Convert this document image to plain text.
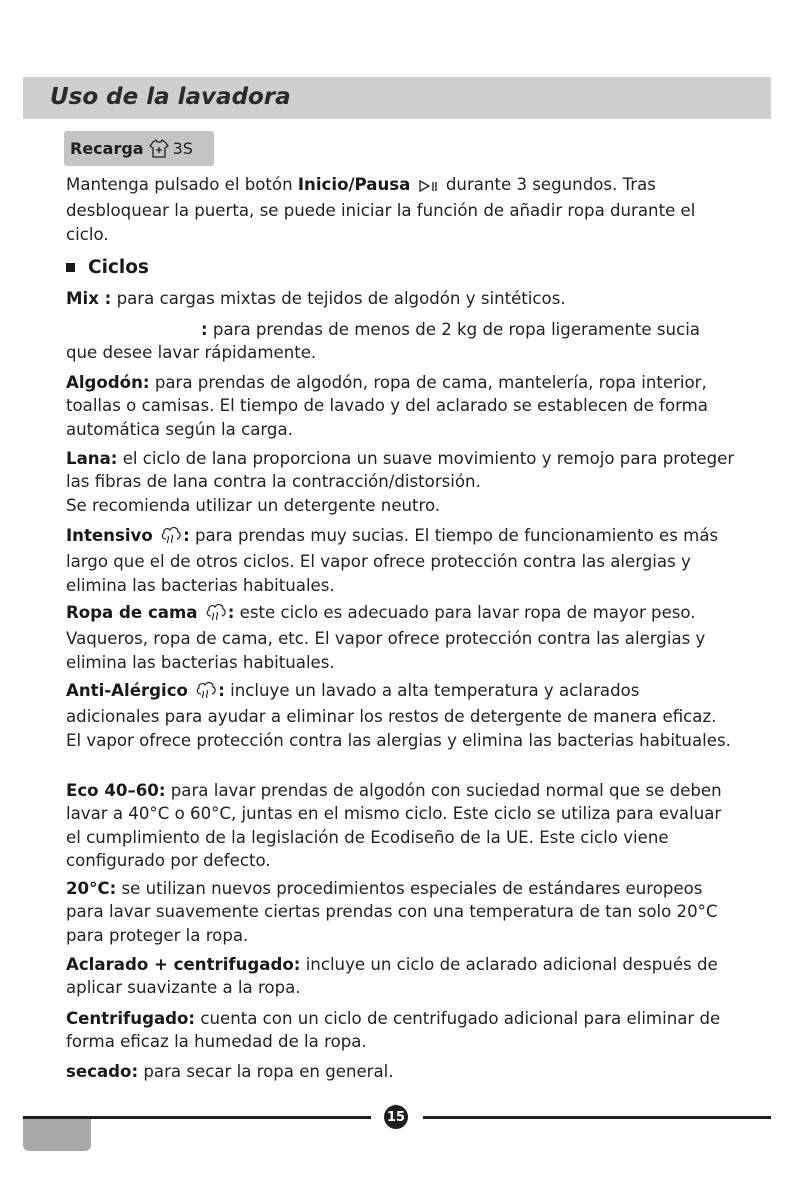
Uso de la lavadora
Recarga 3S

Mantenga pulsado el botón Inicio/Pausa  durante 3 segundos. Tras desbloquear la puerta, se puede iniciar la función de añadir ropa durante el ciclo.

Ciclos

Mix : para cargas mixtas de tejidos de algodón y sintéticos.

: para prendas de menos de 2 kg de ropa ligeramente sucia que desee lavar rápidamente.

Algodón: para prendas de algodón, ropa de cama, mantelería, ropa interior, toallas o camisas. El tiempo de lavado y del aclarado se establecen de forma automática según la carga.

Lana: el ciclo de lana proporciona un suave movimiento y remojo para proteger las fibras de lana contra la contracción/distorsión.
Se recomienda utilizar un detergente neutro.

Intensivo : para prendas muy sucias. El tiempo de funcionamiento es más largo que el de otros ciclos. El vapor ofrece protección contra las alergias y elimina las bacterias habituales.

Ropa de cama : este ciclo es adecuado para lavar ropa de mayor peso. Vaqueros, ropa de cama, etc. El vapor ofrece protección contra las alergias y elimina las bacterias habituales.

Anti-Alérgico : incluye un lavado a alta temperatura y aclarados adicionales para ayudar a eliminar los restos de detergente de manera eficaz. El vapor ofrece protección contra las alergias y elimina las bacterias habituales.

Eco 40–60: para lavar prendas de algodón con suciedad normal que se deben lavar a 40°C o 60°C, juntas en el mismo ciclo. Este ciclo se utiliza para evaluar el cumplimiento de la legislación de Ecodiseño de la UE. Este ciclo viene configurado por defecto.

20°C: se utilizan nuevos procedimientos especiales de estándares europeos para lavar suavemente ciertas prendas con una temperatura de tan solo 20°C para proteger la ropa.

Aclarado + centrifugado: incluye un ciclo de aclarado adicional después de aplicar suavizante a la ropa.

Centrifugado: cuenta con un ciclo de centrifugado adicional para eliminar de forma eficaz la humedad de la ropa.

secado: para secar la ropa en general.

15
